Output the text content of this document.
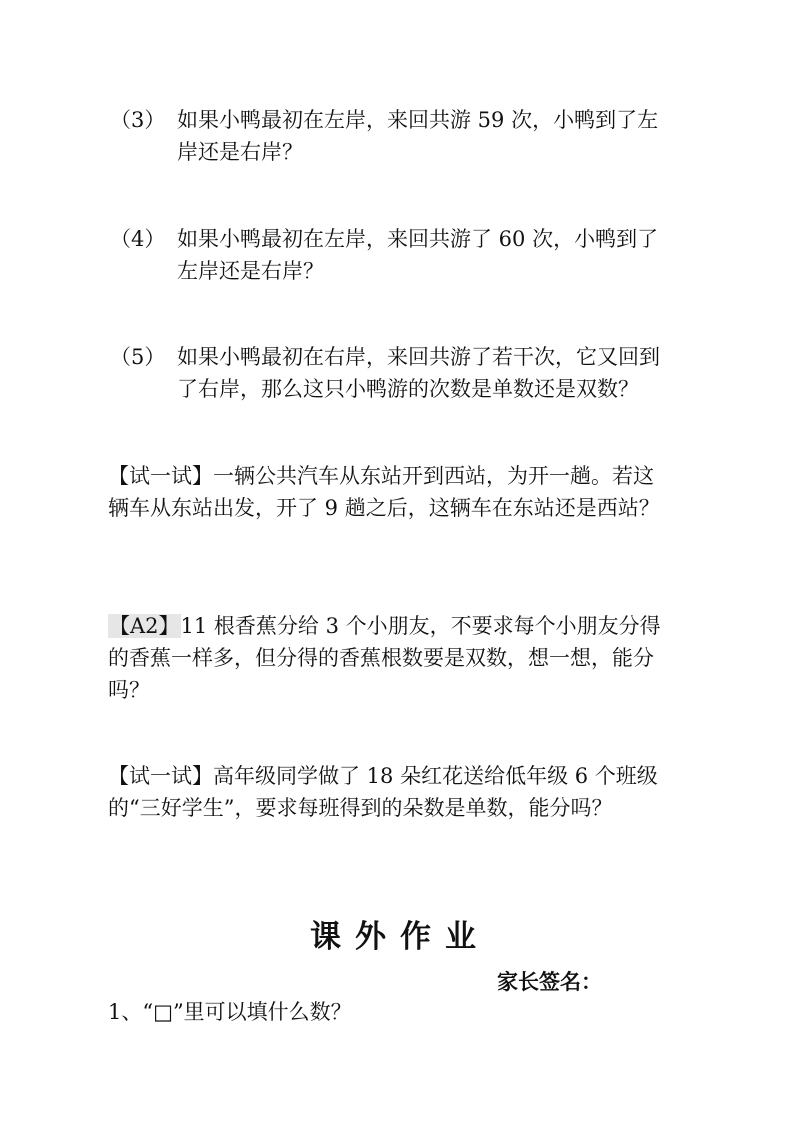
（3） 如果小鸭最初在左岸，来回共游 59 次，小鸭到了左
岸还是右岸？
（4） 如果小鸭最初在左岸，来回共游了 60 次，小鸭到了
左岸还是右岸？
（5） 如果小鸭最初在右岸，来回共游了若干次，它又回到
了右岸，那么这只小鸭游的次数是单数还是双数？
【试一试】一辆公共汽车从东站开到西站，为开一趟。若这
辆车从东站出发，开了 9 趟之后，这辆车在东站还是西站？
【A2】11 根香蕉分给 3 个小朋友，不要求每个小朋友分得
的香蕉一样多，但分得的香蕉根数要是双数，想一想，能分
吗？
【试一试】高年级同学做了 18 朵红花送给低年级 6 个班级
的“三好学生”，要求每班得到的朵数是单数，能分吗？
课外作业
家长签名：
1、“□”里可以填什么数？
